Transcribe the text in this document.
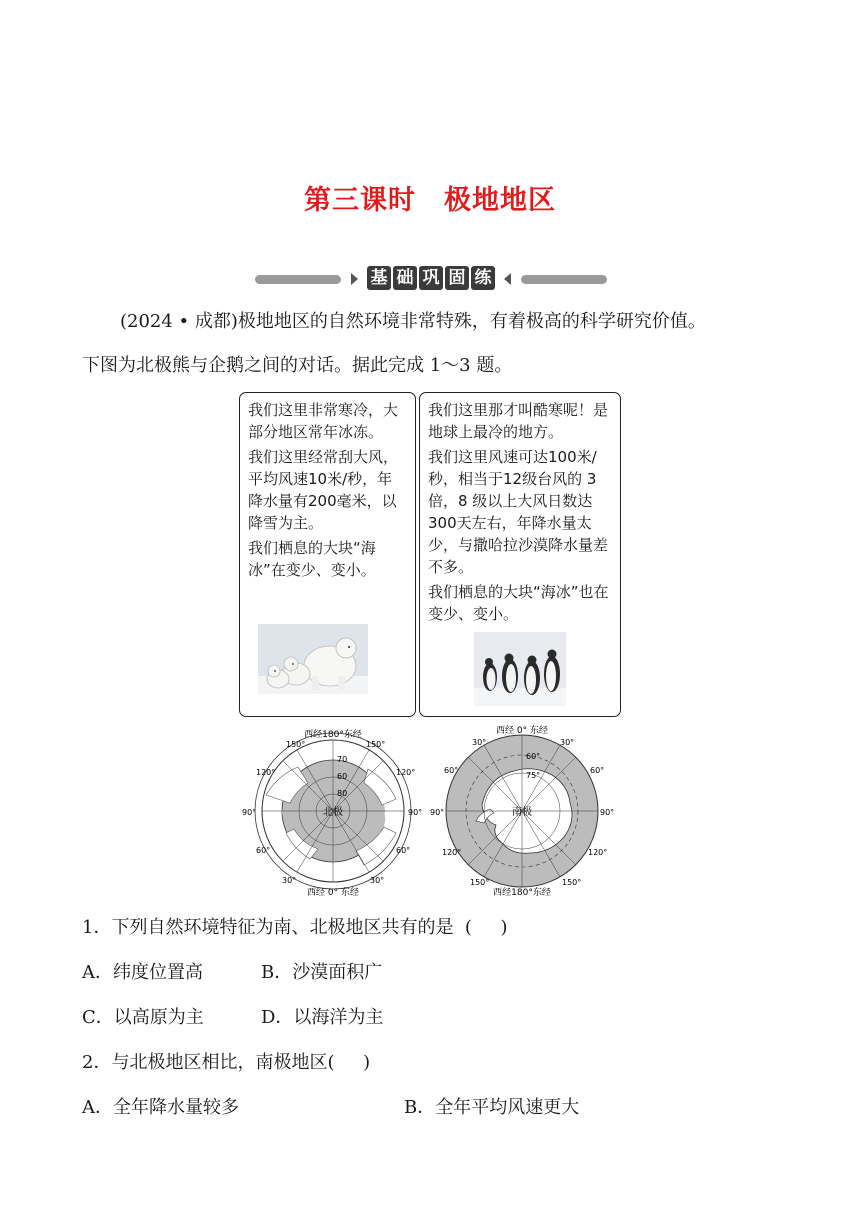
第三课时 极地地区
基 础 巩 固 练
(2024 • 成都)极地地区的自然环境非常特殊，有着极高的科学研究价值。
下图为北极熊与企鹅之间的对话。据此完成 1～3 题。

我们这里非常寒冷，大部分地区常年冰冻。

我们这里经常刮大风，平均风速10米/秒，年降水量有200毫米，以降雪为主。

我们栖息的大块“海冰”在变少、变小。

我们这里那才叫酷寒呢！是地球上最冷的地方。

我们这里风速可达100米/秒，相当于12级台风的 3 倍，8 级以上大风日数达300天左右，年降水量太少，与撒哈拉沙漠降水量差不多。

我们栖息的大块“海冰”也在变少、变小。

西经180°东经
西经 0° 东经
北极
60
70
80
150°	150°
120°	120°
90°	90°
60°	60°
30°	30°
西经 0° 东经
西经180°东经
南极
60°
75°
30°	30°
60°	60°
90°	90°
120°	120°
150°	150°
1．下列自然环境特征为南、北极地区共有的是  (     )
A．纬度位置高	B．沙漠面积广
C．以高原为主	D．以海洋为主
2．与北极地区相比，南极地区(     )
A．全年降水量较多	B．全年平均风速更大
